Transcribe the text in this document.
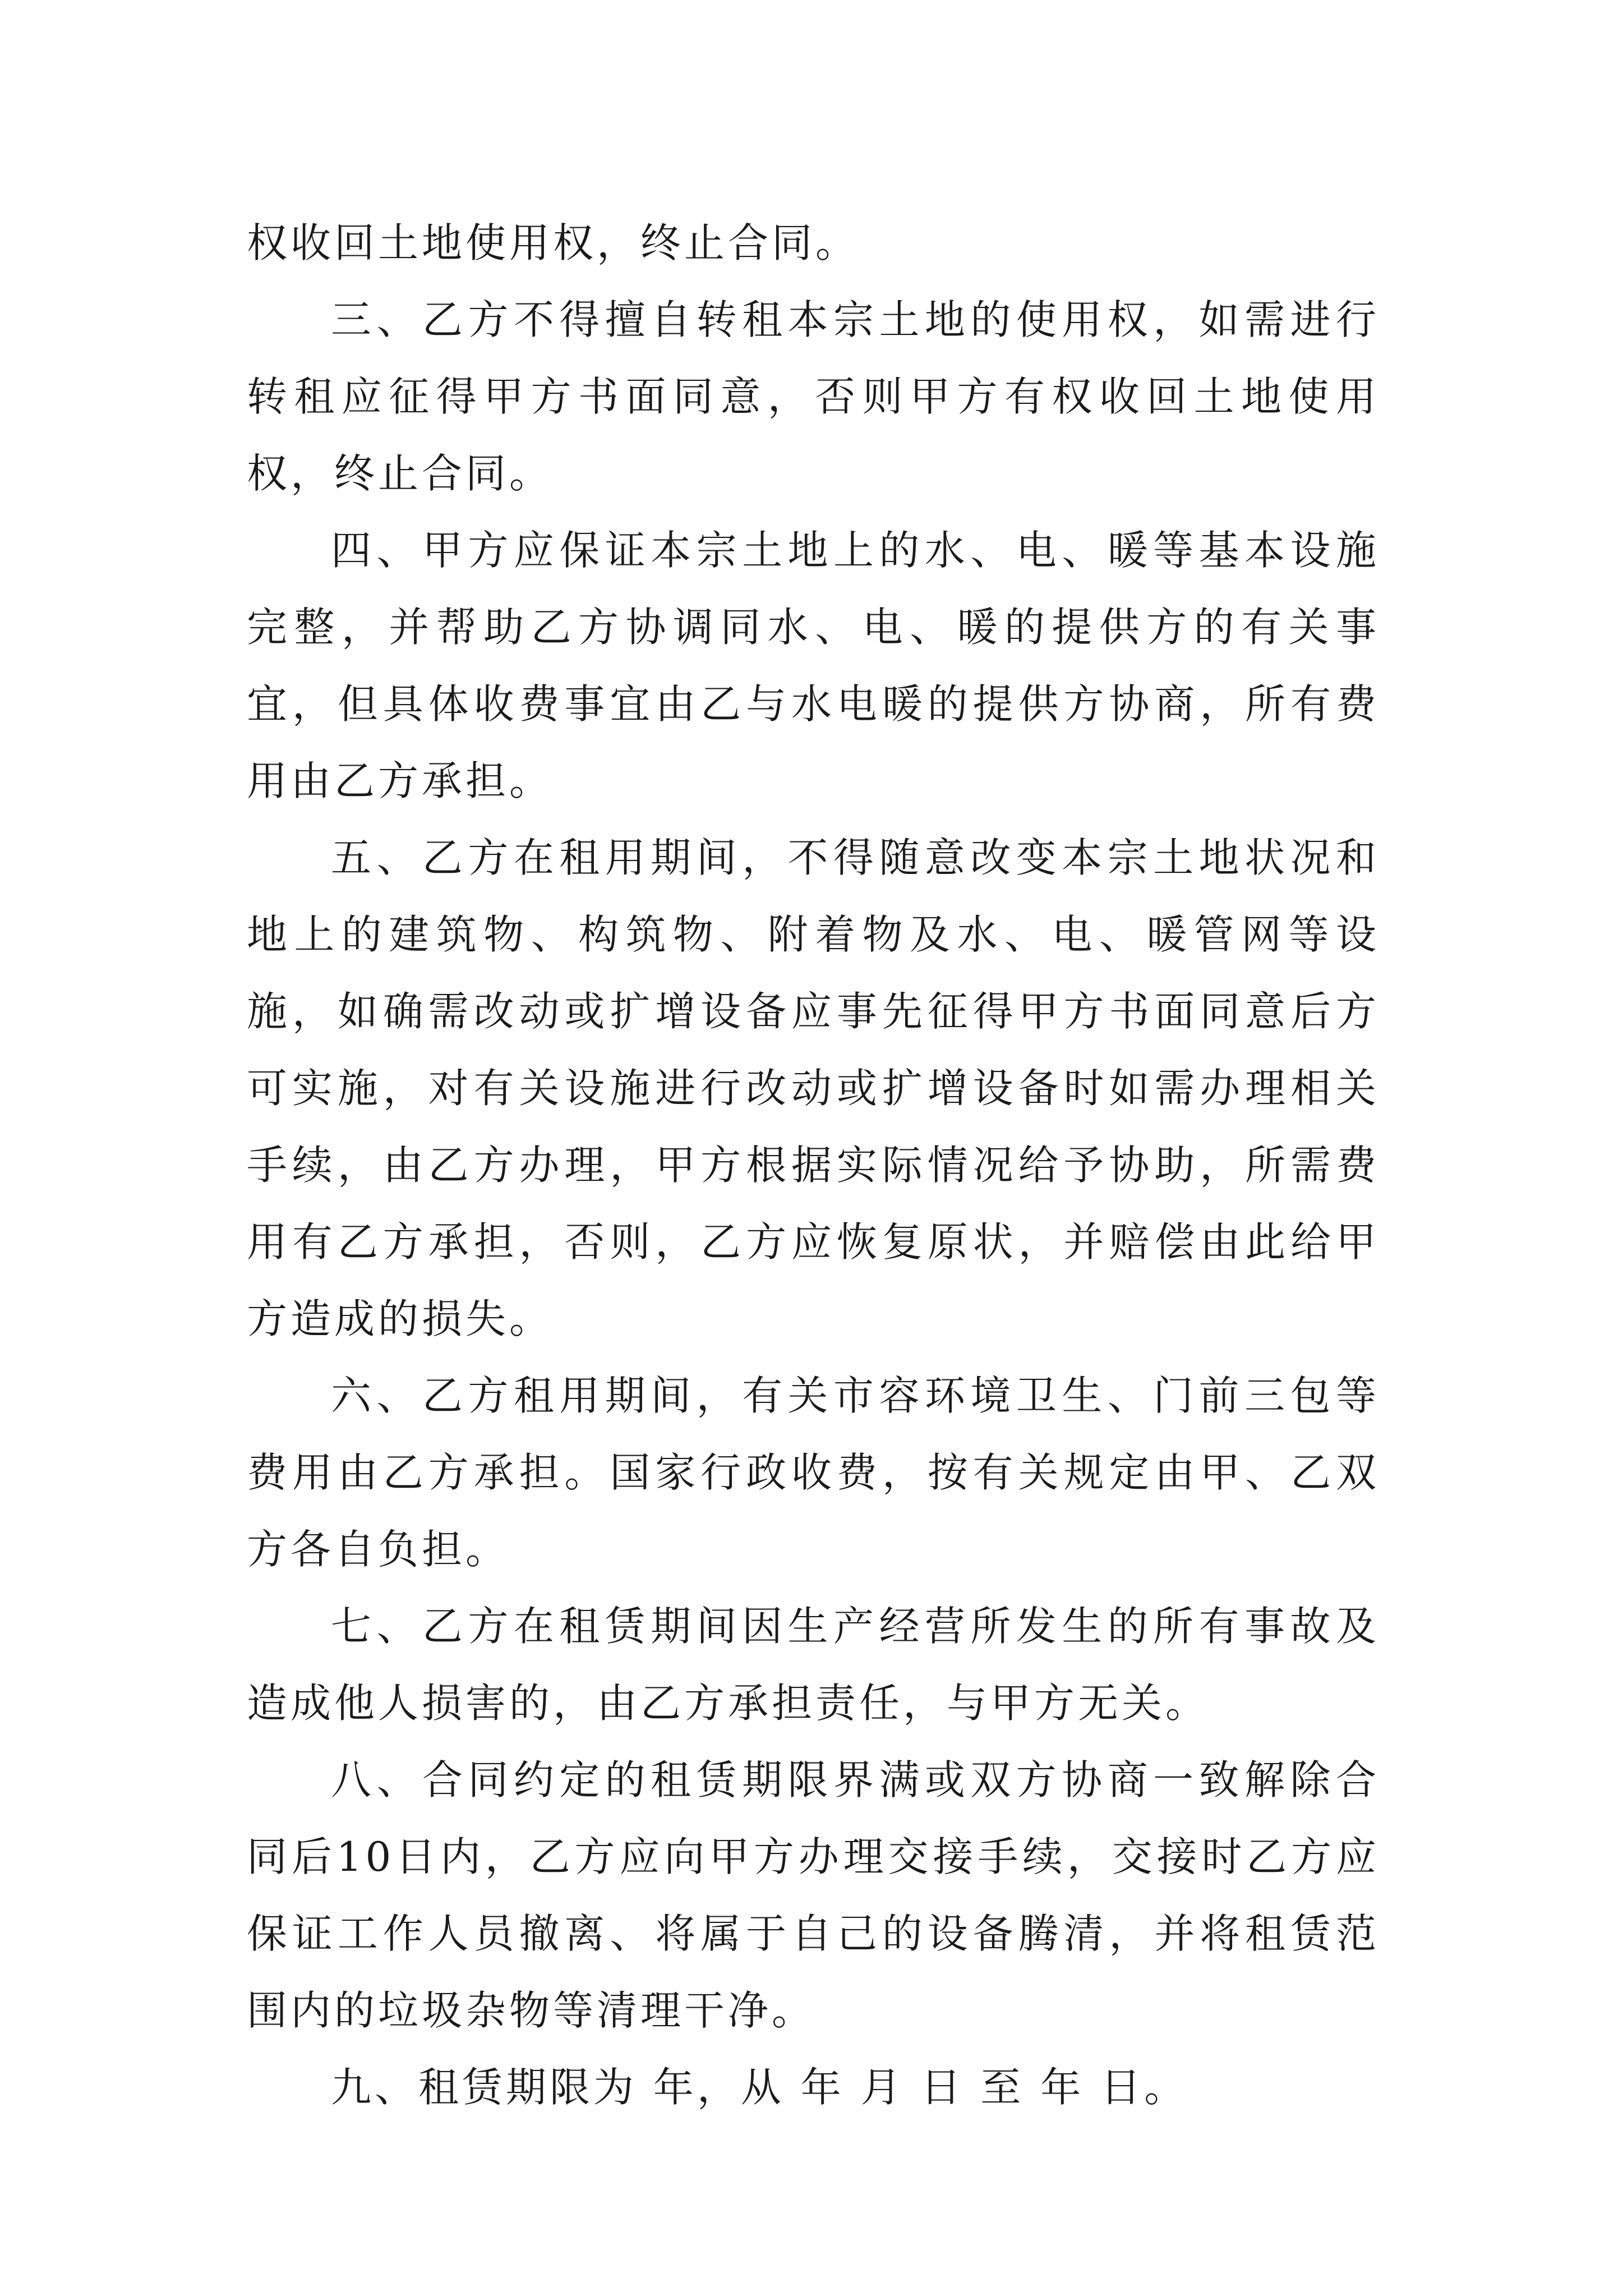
权收回土地使用权，终止合同。

三、乙方不得擅自转租本宗土地的使用权，如需进行转租应征得甲方书面同意，否则甲方有权收回土地使用权，终止合同。

四、甲方应保证本宗土地上的水、电、暖等基本设施完整，并帮助乙方协调同水、电、暖的提供方的有关事宜，但具体收费事宜由乙与水电暖的提供方协商，所有费用由乙方承担。

五、乙方在租用期间，不得随意改变本宗土地状况和地上的建筑物、构筑物、附着物及水、电、暖管网等设施，如确需改动或扩增设备应事先征得甲方书面同意后方可实施，对有关设施进行改动或扩增设备时如需办理相关手续，由乙方办理，甲方根据实际情况给予协助，所需费用有乙方承担，否则，乙方应恢复原状，并赔偿由此给甲方造成的损失。

六、乙方租用期间，有关市容环境卫生、门前三包等费用由乙方承担。国家行政收费，按有关规定由甲、乙双方各自负担。

七、乙方在租赁期间因生产经营所发生的所有事故及造成他人损害的，由乙方承担责任，与甲方无关。

八、合同约定的租赁期限界满或双方协商一致解除合同后10日内，乙方应向甲方办理交接手续，交接时乙方应保证工作人员撤离、将属于自己的设备腾清，并将租赁范围内的垃圾杂物等清理干净。

九、租赁期限为 年，从 年 月 日 至 年 日。
